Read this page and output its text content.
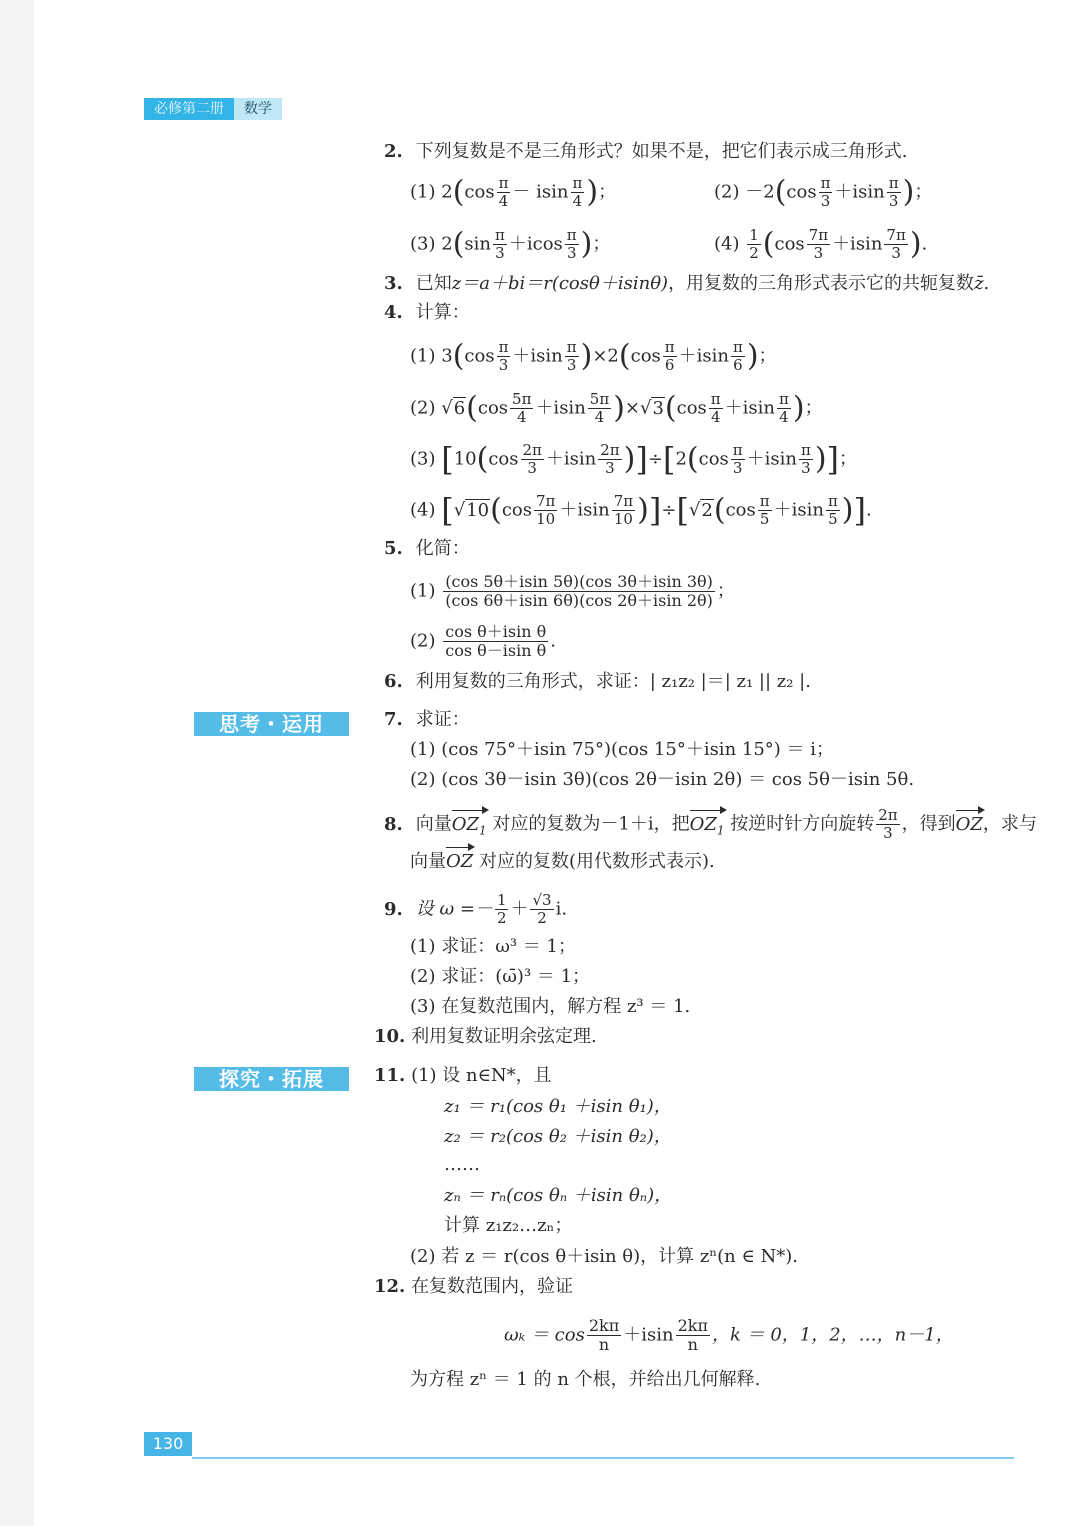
必修第二册	数学
2. 下列复数是不是三角形式？如果不是，把它们表示成三角形式.
(1) $2(\cos \frac{\pi}{4} - isin \frac{\pi}{4}$ )；	$(2) -2(\cos \frac{\pi}{3} +isin \frac{\pi}{3}$ )；
(3) $2(\sin \frac{\pi}{3} +icos \frac{\pi}{3}$ )；	$(4) \frac{1}{2} (\cos \frac{7\pi}{3} +isin \frac{7\pi}{3}$ ).
3. 已知z＝a＋bi＝r(cosθ＋isinθ)，用复数的三角形式表示它的共轭复数z̄.
4. 计算：
(1) $3(\cos \frac{\pi}{3} +isin \frac{\pi}{3} )\times 2(\cos \frac{\pi}{6} +isin \frac{\pi}{6}$ )；
(2) $√6(\cos \frac{5\pi}{4} +isin \frac{5\pi}{4} )\times√3(\cos \frac{\pi}{4} +isin \frac{\pi}{4}$ )；
(3) $[10(\cos \frac{2\pi}{3} +isin \frac{2\pi}{3} )]\div[2(\cos \frac{\pi}{3} +isin \frac{\pi}{3}$ )]；
(4) $[√10(\cos \frac{7\pi}{10} +isin \frac{7\pi}{10} )]\div[√2(\cos \frac{\pi}{5} +isin \frac{\pi}{5}$ )].
5. 化简：
$(1) \frac{(\cos 5\theta+isin 5\theta)(\cos 3\theta+isin 3\theta)}{(\cos 6\theta+isin 6\theta)(\cos 2\theta+isin 2\theta)}$ ；
$(2) \frac{\text{cos θ＋isin θ}}{\text{cos θ－isin θ}}$ .
6. 利用复数的三角形式，求证：| z₁z₂ |＝| z₁ || z₂ |.
思考・运用	7. 求证：
(1) (cos 75°＋isin 75°)(cos 15°＋isin 15°) ＝ i；
(2) (cos 3θ－isin 3θ)(cos 2θ－isin 2θ) ＝ cos 5θ－isin 5θ.
8. 向量$OZ_1$ 对应的复数为－1＋i，把$OZ_1$ 按逆时针方向旋转 $\frac{2\pi}{3}$ ，得到OZ，求与
向量OZ 对应的复数(用代数形式表示).
9. 设 $\omega =- \frac{1}{2} + \frac{√3}{2} i$.
(1) 求证：ω³ ＝ 1；
(2) 求证：(ω̄)³ ＝ 1；
(3) 在复数范围内，解方程 z³ ＝ 1.
10. 利用复数证明余弦定理.
探究・拓展	11. (1) 设 n∈N*，且
z₁ ＝ r₁(cos θ₁ ＋isin θ₁)，
z₂ ＝ r₂(cos θ₂ ＋isin θ₂)，
……
zₙ ＝ rₙ(cos θₙ ＋isin θₙ)，
计算 z₁z₂…zₙ；
(2) 若 z ＝ r(cos θ＋isin θ)，计算 zⁿ(n ∈ N*).
12. 在复数范围内，验证
$\omega_k = \cos \frac{2k\pi}{n} +isin \frac{2k\pi}{n}$ ，k ＝ 0，1，2，…，n－1，
为方程 zⁿ ＝ 1 的 n 个根，并给出几何解释.
130
